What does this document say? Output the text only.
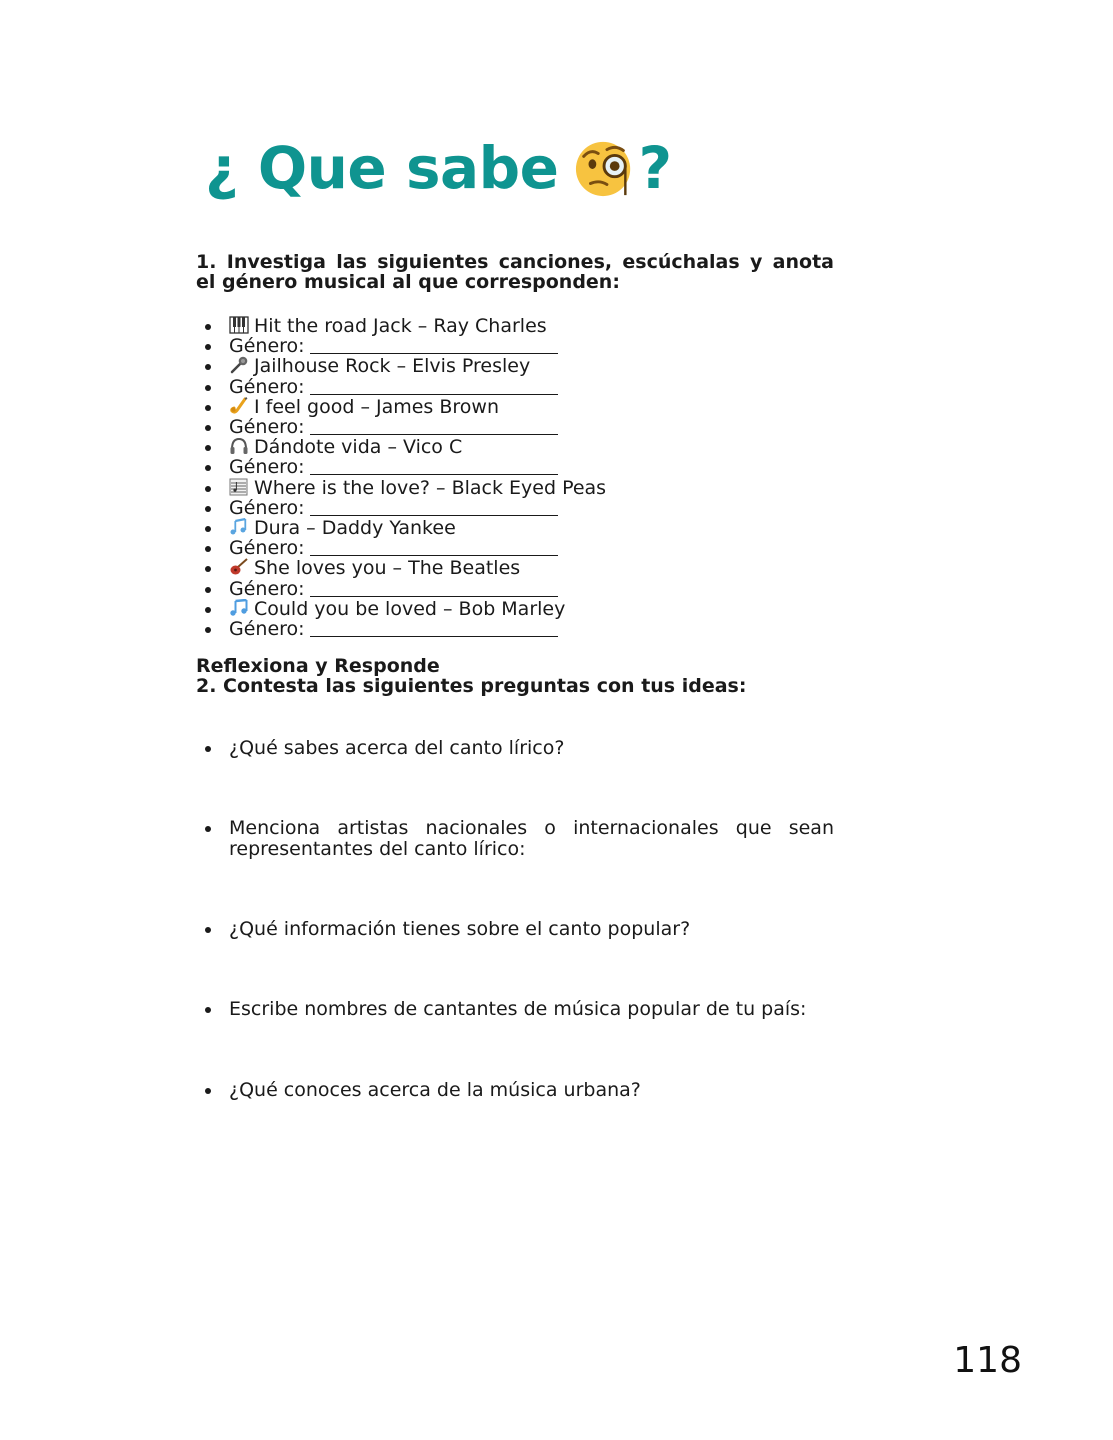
¿ Que sabe ?

1. Investiga las siguientes canciones, escúchalas y anota el género musical al que corresponden:

Hit the road Jack – Ray Charles
Género:
Jailhouse Rock – Elvis Presley
Género:
I feel good – James Brown
Género:
Dándote vida – Vico C
Género:
Where is the love? – Black Eyed Peas
Género:
Dura – Daddy Yankee
Género:
She loves you – The Beatles
Género:
Could you be loved – Bob Marley
Género:

Reflexiona y Responde

2. Contesta las siguientes preguntas con tus ideas:

¿Qué sabes acerca del canto lírico?
Menciona artistas nacionales o internacionales que sean representantes del canto lírico:
¿Qué información tienes sobre el canto popular?
Escribe nombres de cantantes de música popular de tu país:
¿Qué conoces acerca de la música urbana?
118
